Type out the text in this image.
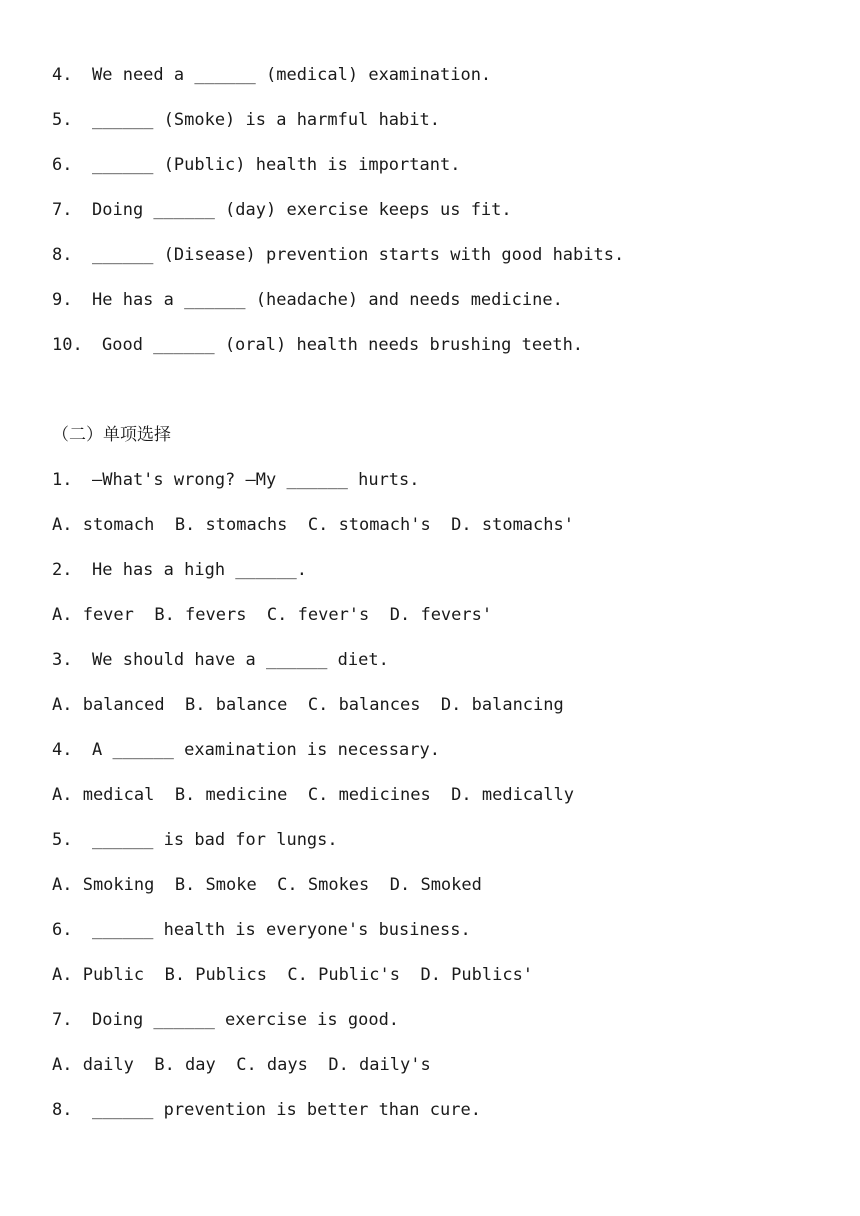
4. We need a ______ (medical) examination.

5. ______ (Smoke) is a harmful habit.

6. ______ (Public) health is important.

7. Doing ______ (day) exercise keeps us fit.

8. ______ (Disease) prevention starts with good habits.

9. He has a ______ (headache) and needs medicine.

10. Good ______ (oral) health needs brushing teeth.

（二）单项选择

1. —What's wrong? —My ______ hurts.

A. stomach  B. stomachs  C. stomach's  D. stomachs'

2. He has a high ______.

A. fever  B. fevers  C. fever's  D. fevers'

3. We should have a ______ diet.

A. balanced  B. balance  C. balances  D. balancing

4. A ______ examination is necessary.

A. medical  B. medicine  C. medicines  D. medically

5. ______ is bad for lungs.

A. Smoking  B. Smoke  C. Smokes  D. Smoked

6. ______ health is everyone's business.

A. Public  B. Publics  C. Public's  D. Publics'

7. Doing ______ exercise is good.

A. daily  B. day  C. days  D. daily's

8. ______ prevention is better than cure.
